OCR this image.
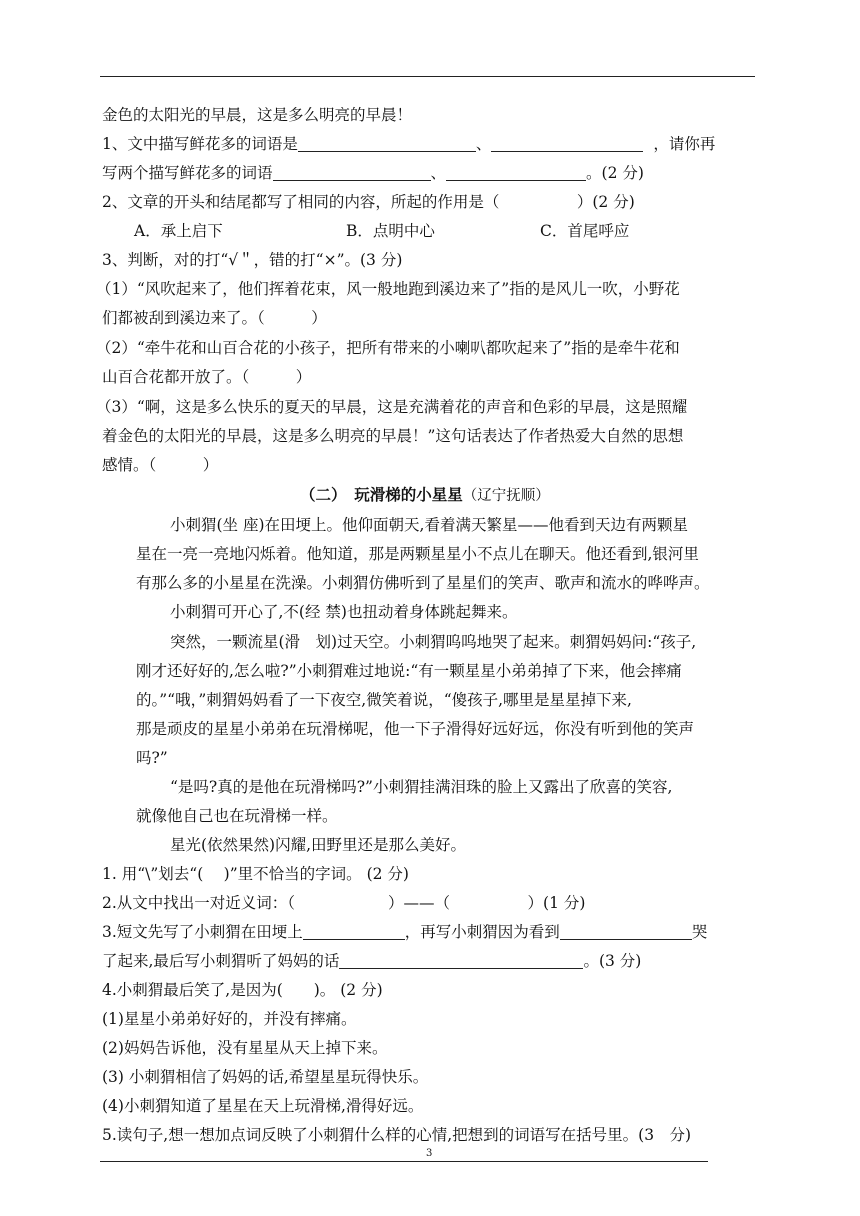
金色的太阳光的早晨，这是多么明亮的早晨！
1、文中描写鲜花多的词语是	、	，请你再
写两个描写鲜花多的词语	、	。(2 分)
2、文章的开头和结尾都写了相同的内容，所起的作用是（　　　　　）(2 分)
A．承上启下	B．点明中心	C．首尾呼应
3、判断，对的打“√＂，错的打“×”。(3 分)
（1）“风吹起来了，他们挥着花束，风一般地跑到溪边来了”指的是风儿一吹，小野花
们都被刮到溪边来了。（　　　）
（2）“牵牛花和山百合花的小孩子，把所有带来的小喇叭都吹起来了”指的是牵牛花和
山百合花都开放了。（　　　）
（3）“啊，这是多么快乐的夏天的早晨，这是充满着花的声音和色彩的早晨，这是照耀
着金色的太阳光的早晨，这是多么明亮的早晨！”这句话表达了作者热爱大自然的思想
感情。（　　　）
（二）　玩滑梯的小星星（辽宁抚顺）
小刺猬(坐 座)在田埂上。他仰面朝天,看着满天繁星——他看到天边有两颗星
星在一亮一亮地闪烁着。他知道，那是两颗星星小不点儿在聊天。他还看到,银河里
有那么多的小星星在洗澡。小刺猬仿佛听到了星星们的笑声、歌声和流水的哗哗声。
小刺猬可开心了,不(经 禁)也扭动着身体跳起舞来。
突然，一颗流星(滑　划)过天空。小刺猬呜呜地哭了起来。刺猬妈妈问:“孩子,
刚才还好好的,怎么啦?”小刺猬难过地说:“有一颗星星小弟弟掉了下来，他会摔痛
的。”“哦，”刺猬妈妈看了一下夜空,微笑着说，“傻孩子,哪里是星星掉下来,
那是顽皮的星星小弟弟在玩滑梯呢，他一下子滑得好远好远，你没有听到他的笑声
吗?”
“是吗?真的是他在玩滑梯吗?”小刺猬挂满泪珠的脸上又露出了欣喜的笑容,
就像他自己也在玩滑梯一样。
星光(依然果然)闪耀,田野里还是那么美好。
1. 用“\”划去“(　 )”里不恰当的字词。 (2 分)
2.从文中找出一对近义词：（　　　　　　）——（　　　　　）(1 分)
3.短文先写了小刺猬在田埂上	，再写小刺猬因为看到	哭
了起来,最后写小刺猬听了妈妈的话	。(3 分)
4.小刺猬最后笑了,是因为(　　)。 (2 分)
(1)星星小弟弟好好的，并没有摔痛。
(2)妈妈告诉他，没有星星从天上掉下来。
(3) 小刺猬相信了妈妈的话,希望星星玩得快乐。
(4)小刺猬知道了星星在天上玩滑梯,滑得好远。
5.读句子,想一想加点词反映了小刺猬什么样的心情,把想到的词语写在括号里。(3　分)
3
